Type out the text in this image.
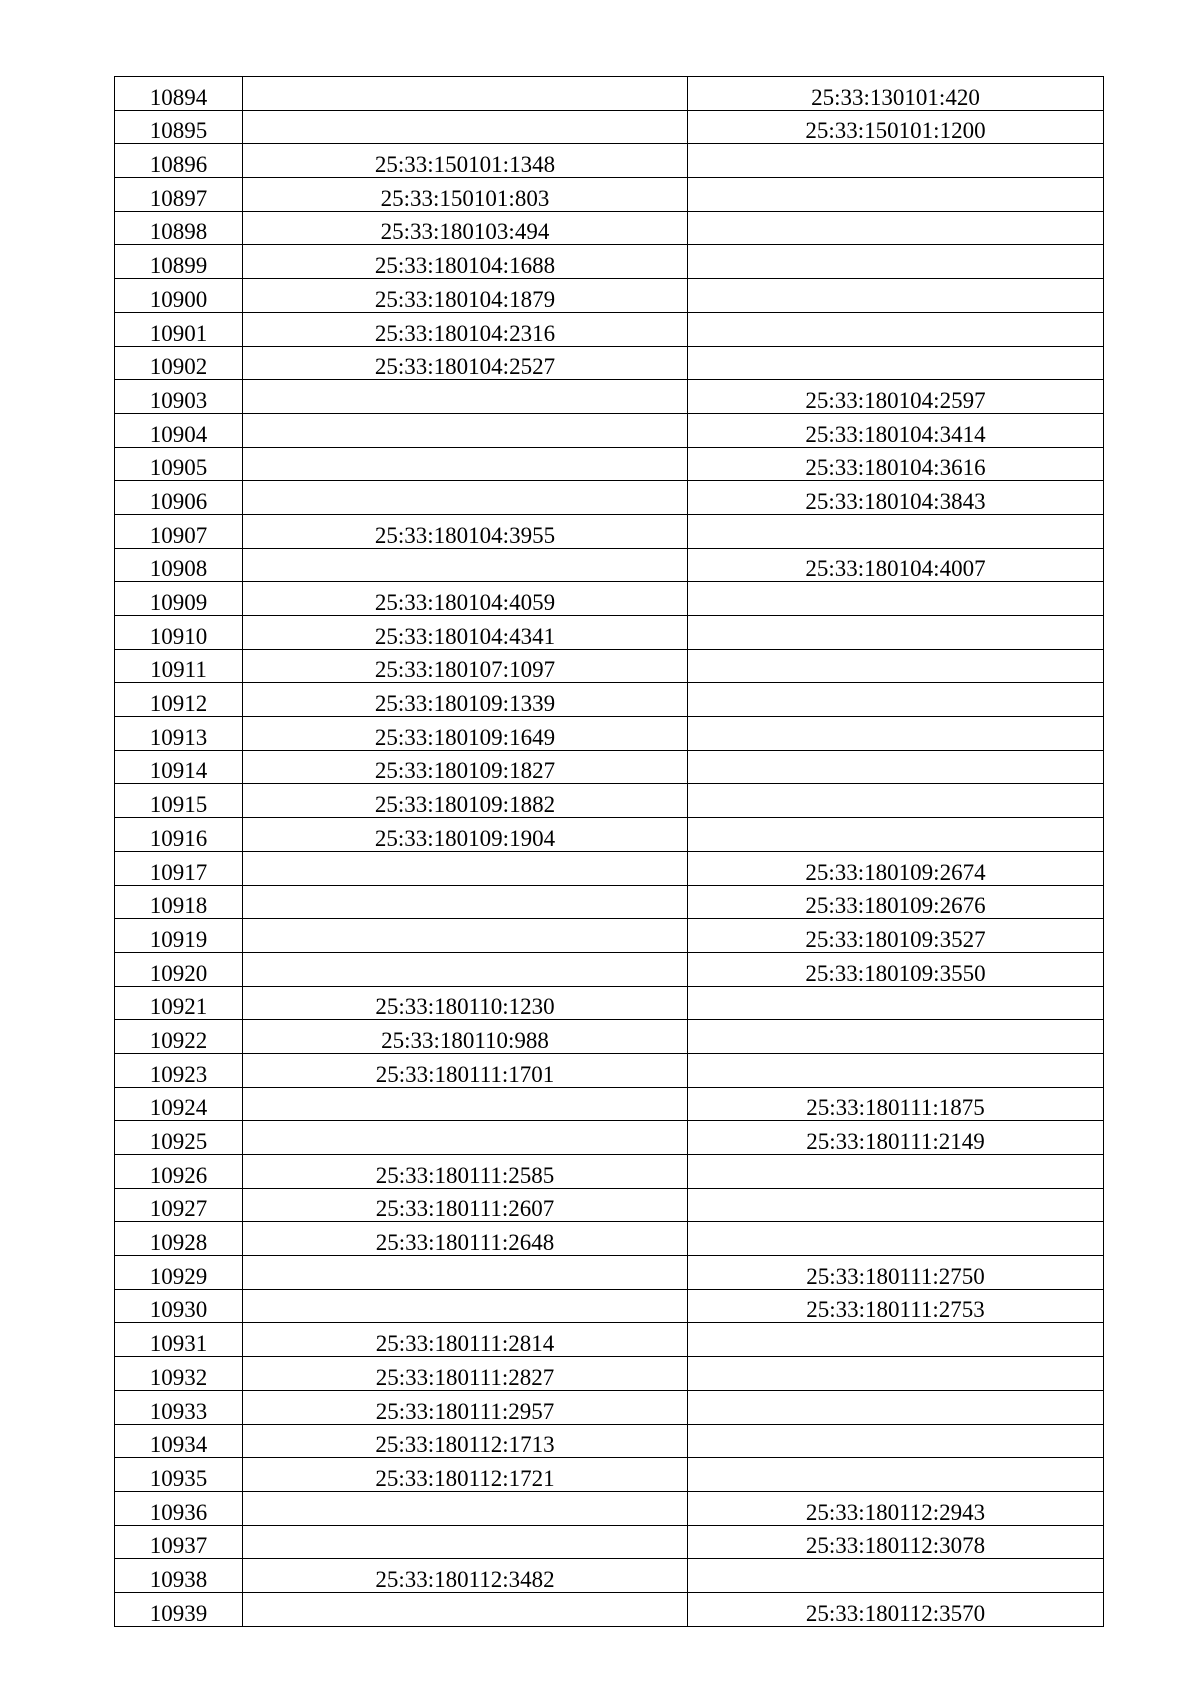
10894		25:33:130101:420
10895		25:33:150101:1200
10896	25:33:150101:1348	
10897	25:33:150101:803	
10898	25:33:180103:494	
10899	25:33:180104:1688	
10900	25:33:180104:1879	
10901	25:33:180104:2316	
10902	25:33:180104:2527	
10903		25:33:180104:2597
10904		25:33:180104:3414
10905		25:33:180104:3616
10906		25:33:180104:3843
10907	25:33:180104:3955	
10908		25:33:180104:4007
10909	25:33:180104:4059	
10910	25:33:180104:4341	
10911	25:33:180107:1097	
10912	25:33:180109:1339	
10913	25:33:180109:1649	
10914	25:33:180109:1827	
10915	25:33:180109:1882	
10916	25:33:180109:1904	
10917		25:33:180109:2674
10918		25:33:180109:2676
10919		25:33:180109:3527
10920		25:33:180109:3550
10921	25:33:180110:1230	
10922	25:33:180110:988	
10923	25:33:180111:1701	
10924		25:33:180111:1875
10925		25:33:180111:2149
10926	25:33:180111:2585	
10927	25:33:180111:2607	
10928	25:33:180111:2648	
10929		25:33:180111:2750
10930		25:33:180111:2753
10931	25:33:180111:2814	
10932	25:33:180111:2827	
10933	25:33:180111:2957	
10934	25:33:180112:1713	
10935	25:33:180112:1721	
10936		25:33:180112:2943
10937		25:33:180112:3078
10938	25:33:180112:3482	
10939		25:33:180112:3570
